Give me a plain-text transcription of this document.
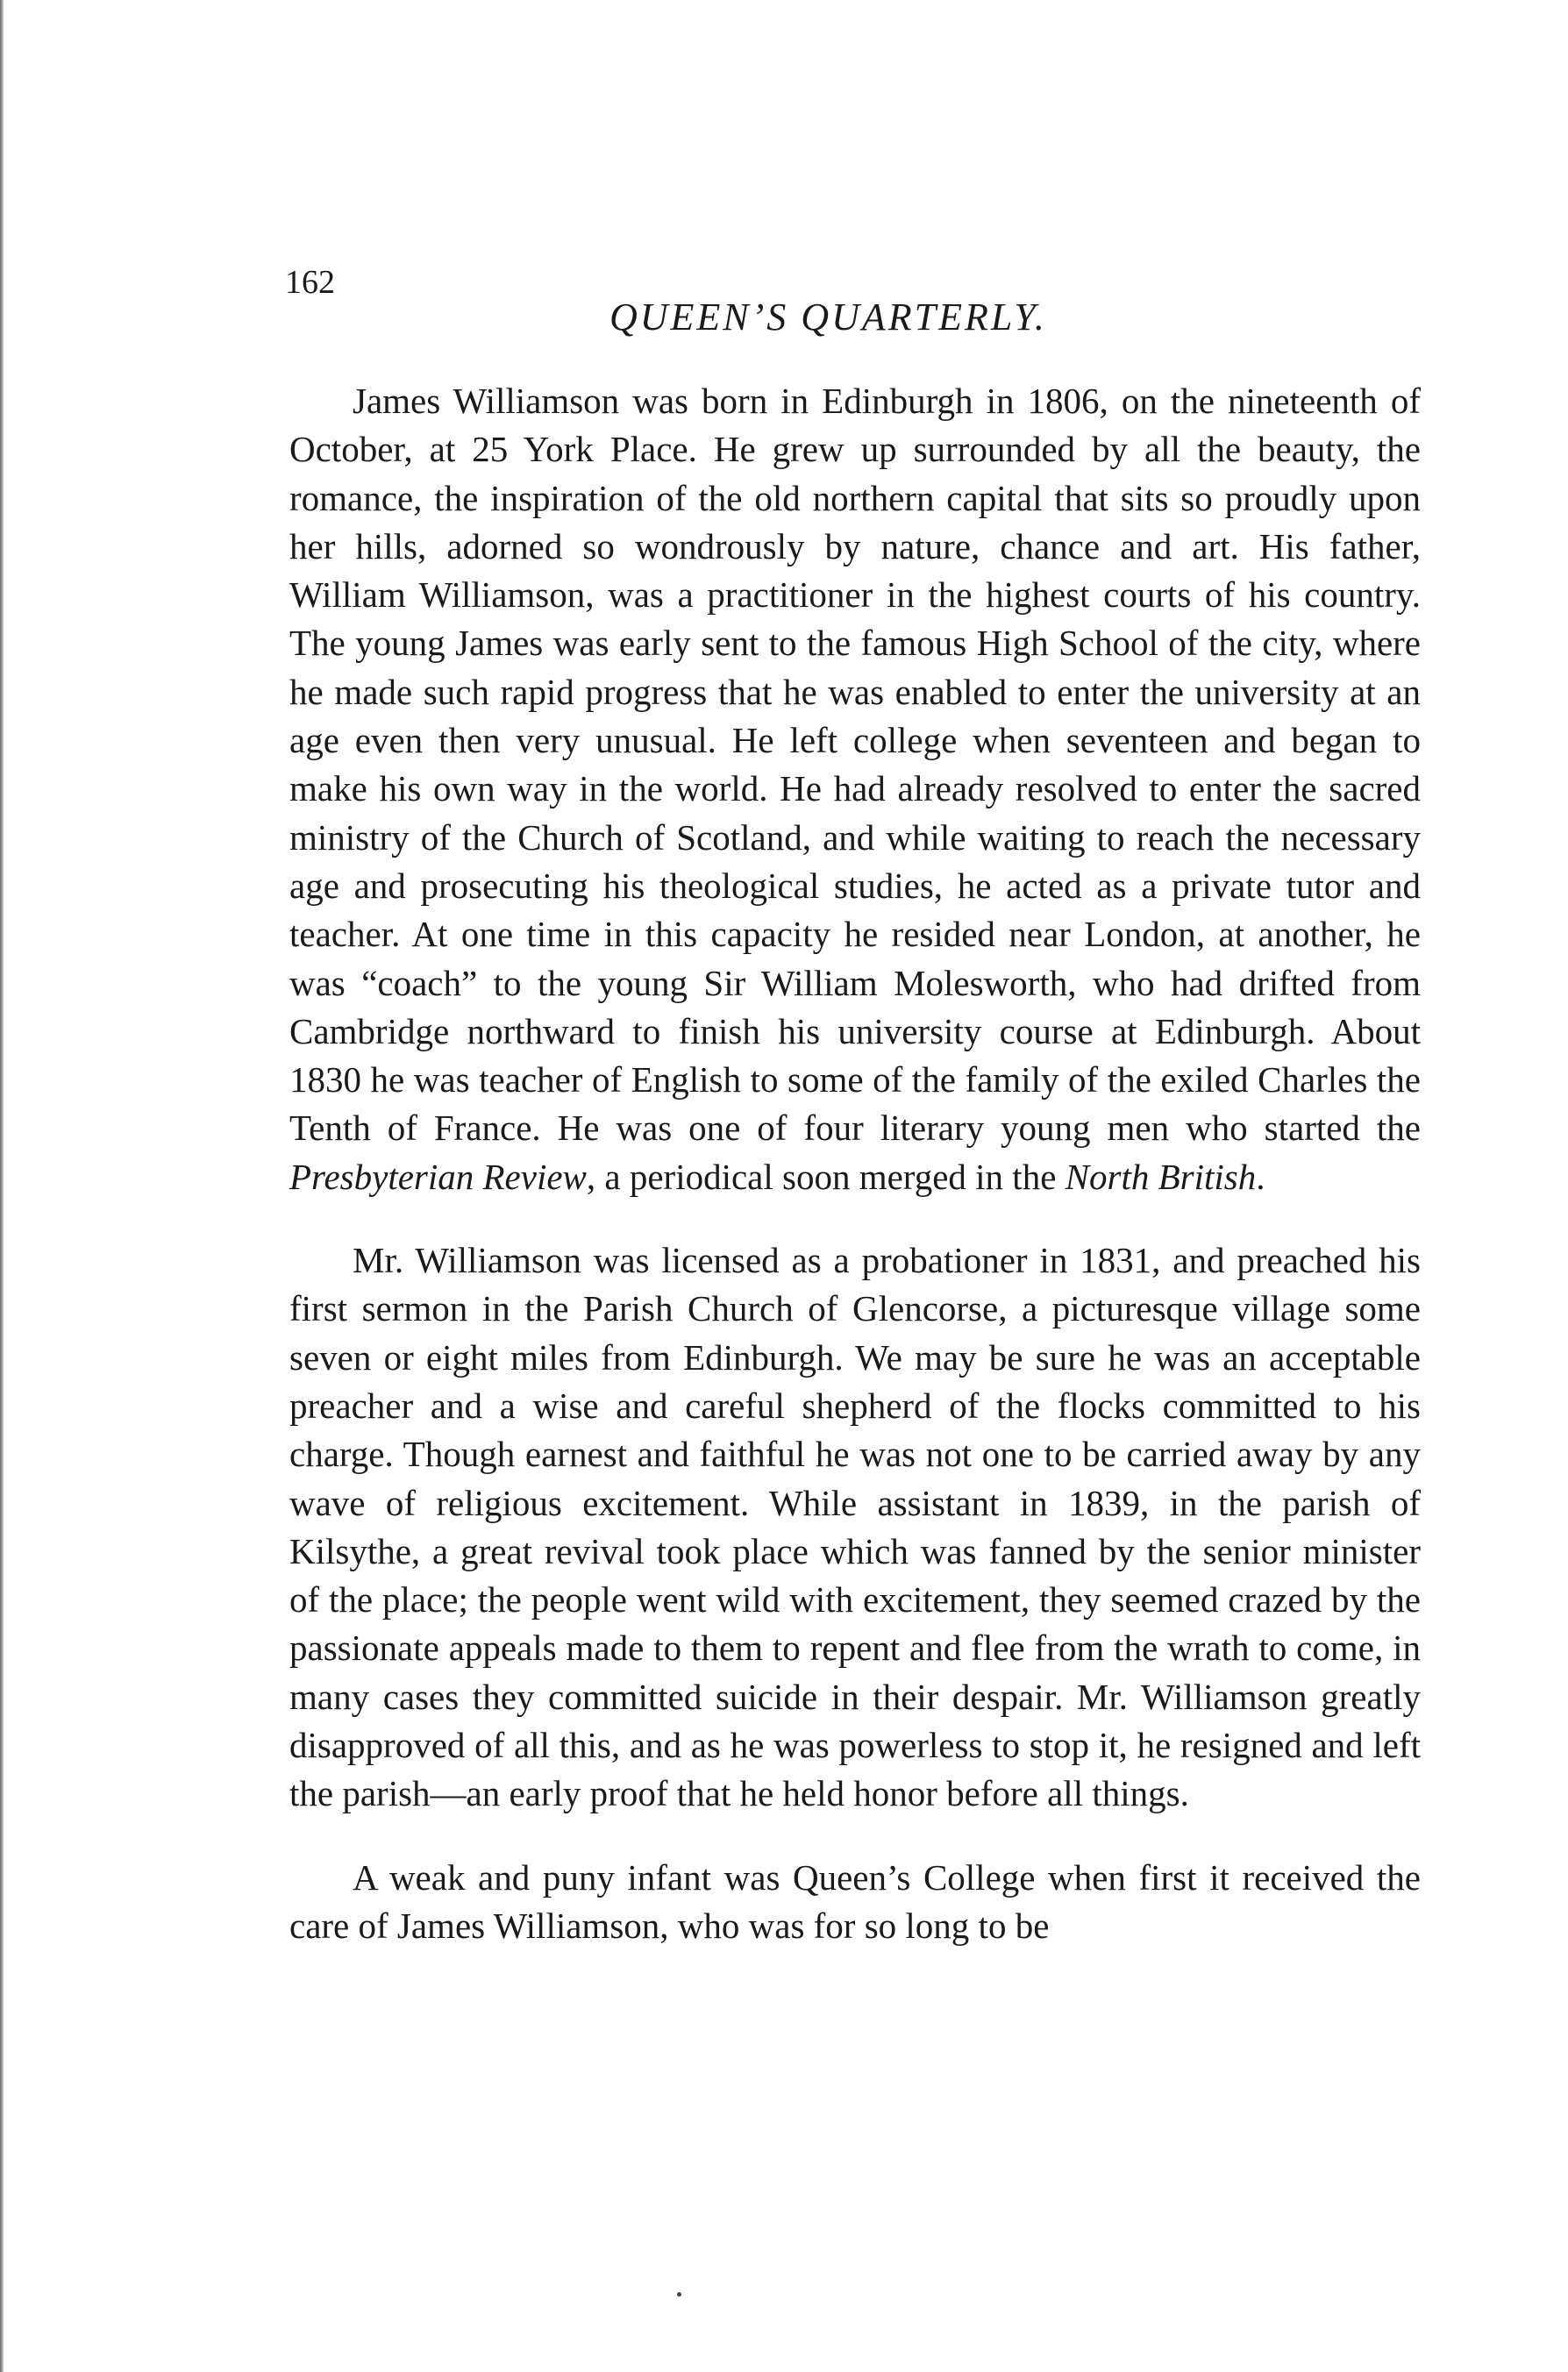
162
QUEEN’S QUARTERLY.

James Williamson was born in Edinburgh in 1806, on the nineteenth of October, at 25 York Place. He grew up surrounded by all the beauty, the romance, the inspiration of the old northern capital that sits so proudly upon her hills, adorned so wondrously by nature, chance and art. His father, William Williamson, was a practitioner in the highest courts of his country. The young James was early sent to the famous High School of the city, where he made such rapid progress that he was enabled to enter the university at an age even then very unusual. He left college when seventeen and began to make his own way in the world. He had already resolved to enter the sacred ministry of the Church of Scotland, and while waiting to reach the necessary age and prosecuting his theological studies, he acted as a private tutor and teacher. At one time in this capacity he resided near London, at another, he was “coach” to the young Sir William Molesworth, who had drifted from Cambridge northward to finish his university course at Edinburgh. About 1830 he was teacher of English to some of the family of the exiled Charles the Tenth of France. He was one of four literary young men who started the Presbyterian Review, a periodical soon merged in the North British.

Mr. Williamson was licensed as a probationer in 1831, and preached his first sermon in the Parish Church of Glencorse, a picturesque village some seven or eight miles from Edinburgh. We may be sure he was an acceptable preacher and a wise and careful shepherd of the flocks committed to his charge. Though earnest and faithful he was not one to be carried away by any wave of religious excitement. While assistant in 1839, in the parish of Kilsythe, a great revival took place which was fanned by the senior minister of the place; the people went wild with excitement, they seemed crazed by the passionate appeals made to them to repent and flee from the wrath to come, in many cases they committed suicide in their despair. Mr. Williamson greatly disapproved of all this, and as he was powerless to stop it, he resigned and left the parish—an early proof that he held honor before all things.

A weak and puny infant was Queen’s College when first it received the care of James Williamson, who was for so long to be
